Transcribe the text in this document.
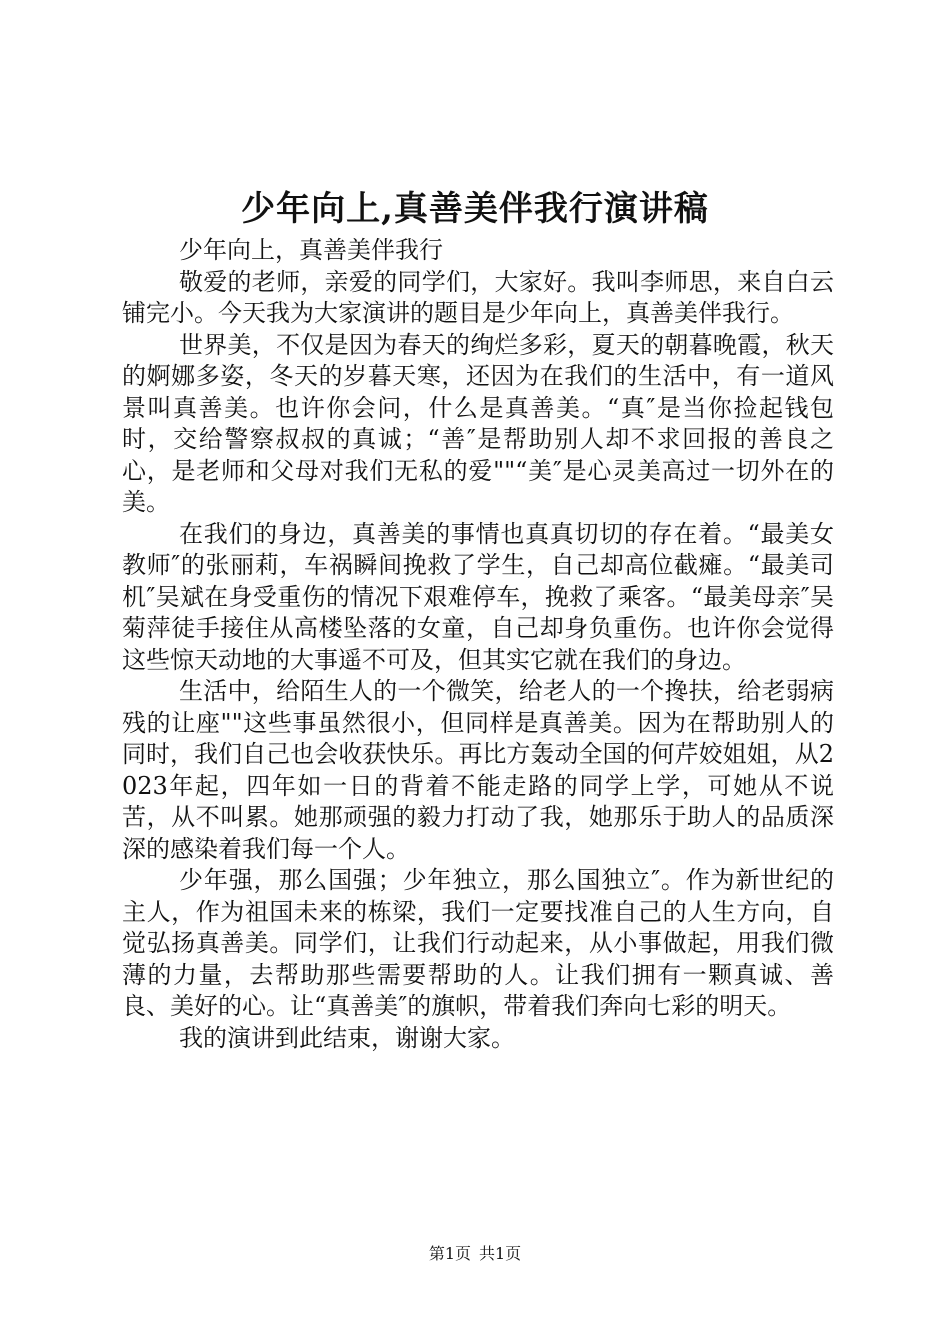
少年向上,真善美伴我行演讲稿

少年向上，真善美伴我行

敬爱的老师，亲爱的同学们，大家好。我叫李师思，来自白云铺完小。今天我为大家演讲的题目是少年向上，真善美伴我行。

世界美，不仅是因为春天的绚烂多彩，夏天的朝暮晚霞，秋天的婀娜多姿，冬天的岁暮天寒，还因为在我们的生活中，有一道风景叫真善美。也许你会问，什么是真善美。“真″是当你捡起钱包时，交给警察叔叔的真诚；“善″是帮助别人却不求回报的善良之心，是老师和父母对我们无私的爱""“美″是心灵美高过一切外在的美。

在我们的身边，真善美的事情也真真切切的存在着。“最美女教师″的张丽莉，车祸瞬间挽救了学生，自己却高位截瘫。“最美司机″吴斌在身受重伤的情况下艰难停车，挽救了乘客。“最美母亲″吴菊萍徒手接住从高楼坠落的女童，自己却身负重伤。也许你会觉得这些惊天动地的大事遥不可及，但其实它就在我们的身边。

生活中，给陌生人的一个微笑，给老人的一个搀扶，给老弱病残的让座""这些事虽然很小，但同样是真善美。因为在帮助别人的同时，我们自己也会收获快乐。再比方轰动全国的何芹姣姐姐，从2023年起，四年如一日的背着不能走路的同学上学，可她从不说苦，从不叫累。她那顽强的毅力打动了我，她那乐于助人的品质深深的感染着我们每一个人。

少年强，那么国强；少年独立，那么国独立″。作为新世纪的主人，作为祖国未来的栋梁，我们一定要找准自己的人生方向，自觉弘扬真善美。同学们，让我们行动起来，从小事做起，用我们微薄的力量，去帮助那些需要帮助的人。让我们拥有一颗真诚、善良、美好的心。让“真善美″的旗帜，带着我们奔向七彩的明天。

我的演讲到此结束，谢谢大家。

第1页 共1页
